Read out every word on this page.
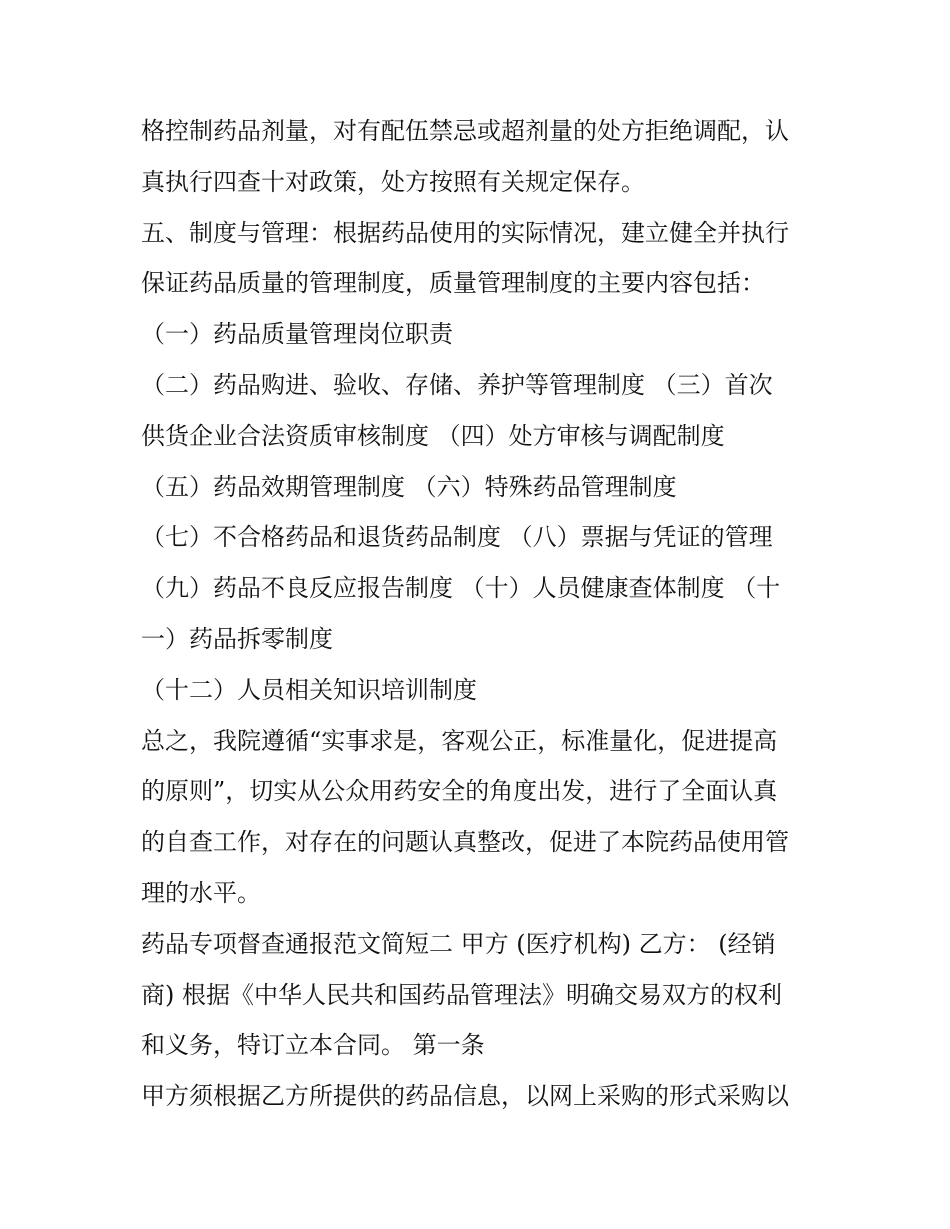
格控制药品剂量，对有配伍禁忌或超剂量的处方拒绝调配，认

真执行四查十对政策，处方按照有关规定保存。

五、制度与管理：根据药品使用的实际情况，建立健全并执行

保证药品质量的管理制度，质量管理制度的主要内容包括：

（一）药品质量管理岗位职责

（二）药品购进、验收、存储、养护等管理制度 （三）首次

供货企业合法资质审核制度 （四）处方审核与调配制度

（五）药品效期管理制度 （六）特殊药品管理制度

（七）不合格药品和退货药品制度 （八）票据与凭证的管理

（九）药品不良反应报告制度 （十）人员健康查体制度 （十

一）药品拆零制度

（十二）人员相关知识培训制度

总之，我院遵循“实事求是，客观公正，标准量化，促进提高

的原则”，切实从公众用药安全的角度出发，进行了全面认真

的自查工作，对存在的问题认真整改，促进了本院药品使用管

理的水平。

药品专项督查通报范文简短二 甲方 (医疗机构) 乙方： (经销

商) 根据《中华人民共和国药品管理法》明确交易双方的权利

和义务，特订立本合同。 第一条

甲方须根据乙方所提供的药品信息，以网上采购的形式采购以
